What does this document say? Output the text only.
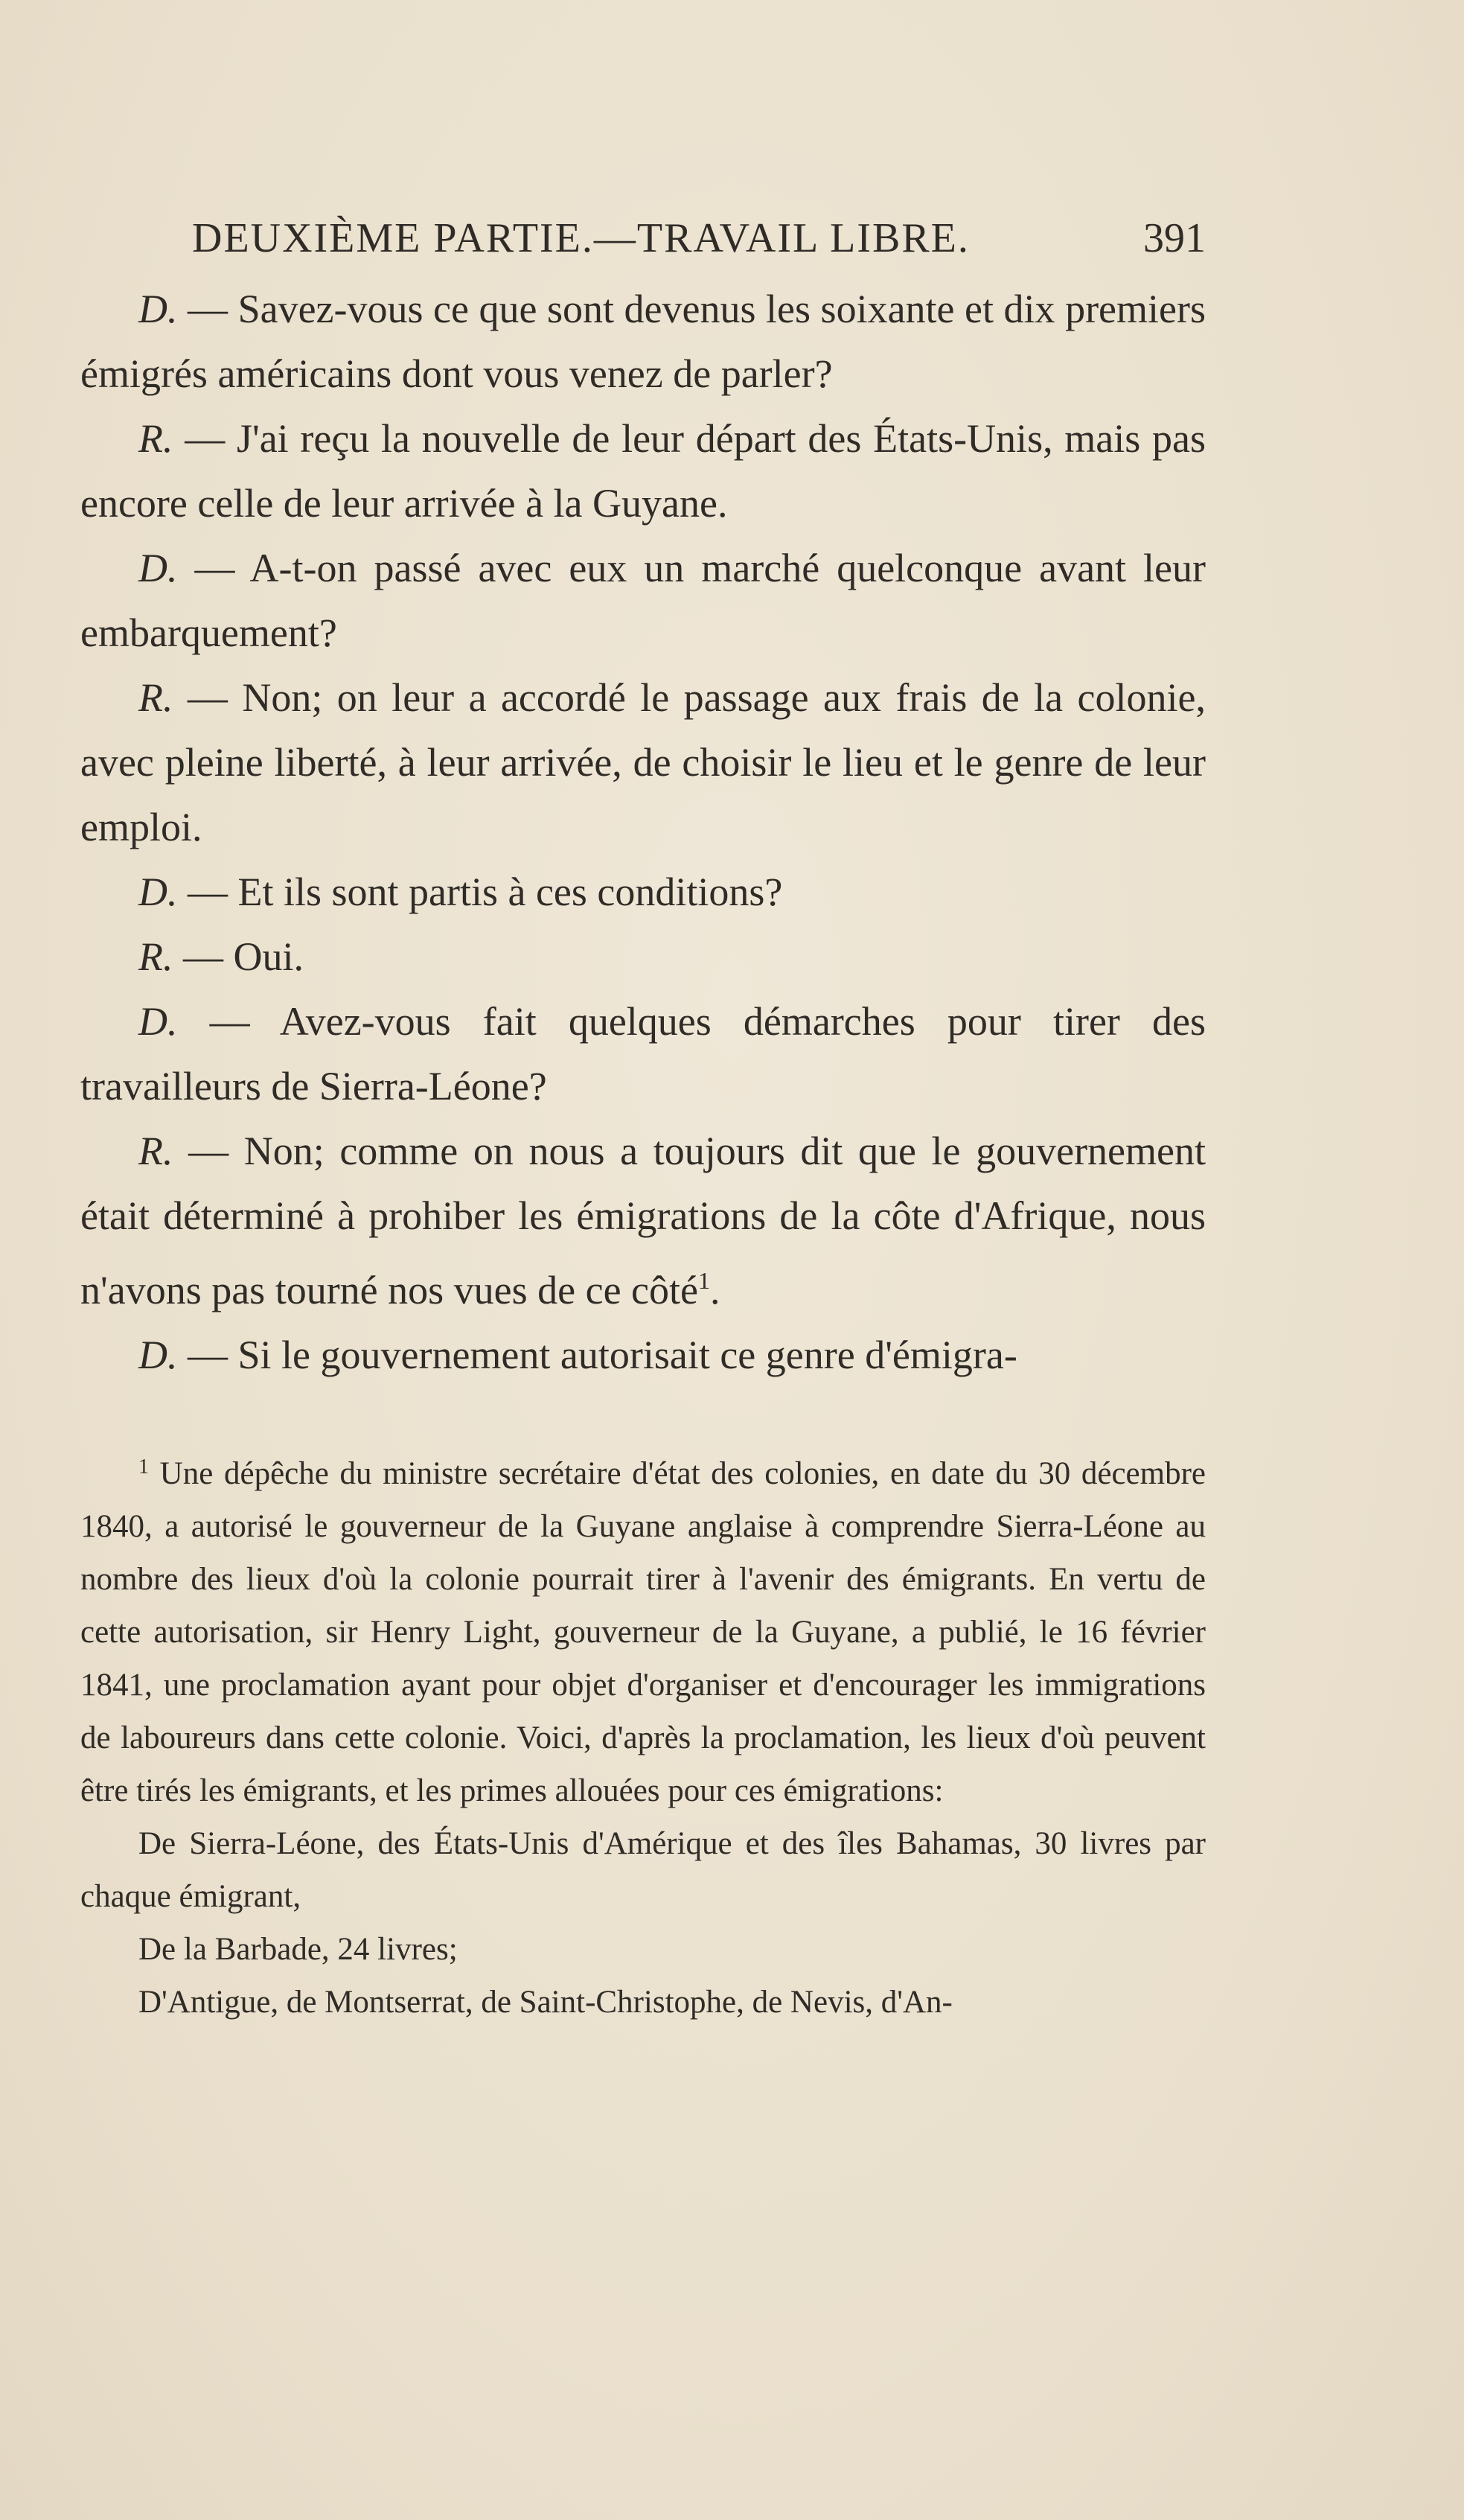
DEUXIÈME PARTIE.—TRAVAIL LIBRE.	391

D. — Savez-vous ce que sont devenus les soixante et dix premiers émigrés américains dont vous venez de parler?

R. — J'ai reçu la nouvelle de leur départ des États-Unis, mais pas encore celle de leur arrivée à la Guyane.

D. — A-t-on passé avec eux un marché quelconque avant leur embarquement?

R. — Non; on leur a accordé le passage aux frais de la colonie, avec pleine liberté, à leur arrivée, de choisir le lieu et le genre de leur emploi.

D. — Et ils sont partis à ces conditions?

R. — Oui.

D. — Avez-vous fait quelques démarches pour tirer des travailleurs de Sierra-Léone?

R. — Non; comme on nous a toujours dit que le gouvernement était déterminé à prohiber les émigrations de la côte d'Afrique, nous n'avons pas tourné nos vues de ce côté$^1$.

D. — Si le gouvernement autorisait ce genre d'émigra-

$^1$ Une dépêche du ministre secrétaire d'état des colonies, en date du 30 décembre 1840, a autorisé le gouverneur de la Guyane anglaise à comprendre Sierra-Léone au nombre des lieux d'où la colonie pourrait tirer à l'avenir des émigrants. En vertu de cette autorisation, sir Henry Light, gouverneur de la Guyane, a publié, le 16 février 1841, une proclamation ayant pour objet d'organiser et d'encourager les immigrations de laboureurs dans cette colonie. Voici, d'après la proclamation, les lieux d'où peuvent être tirés les émigrants, et les primes allouées pour ces émigrations:

De Sierra-Léone, des États-Unis d'Amérique et des îles Bahamas, 30 livres par chaque émigrant,

De la Barbade, 24 livres;

D'Antigue, de Montserrat, de Saint-Christophe, de Nevis, d'An-
